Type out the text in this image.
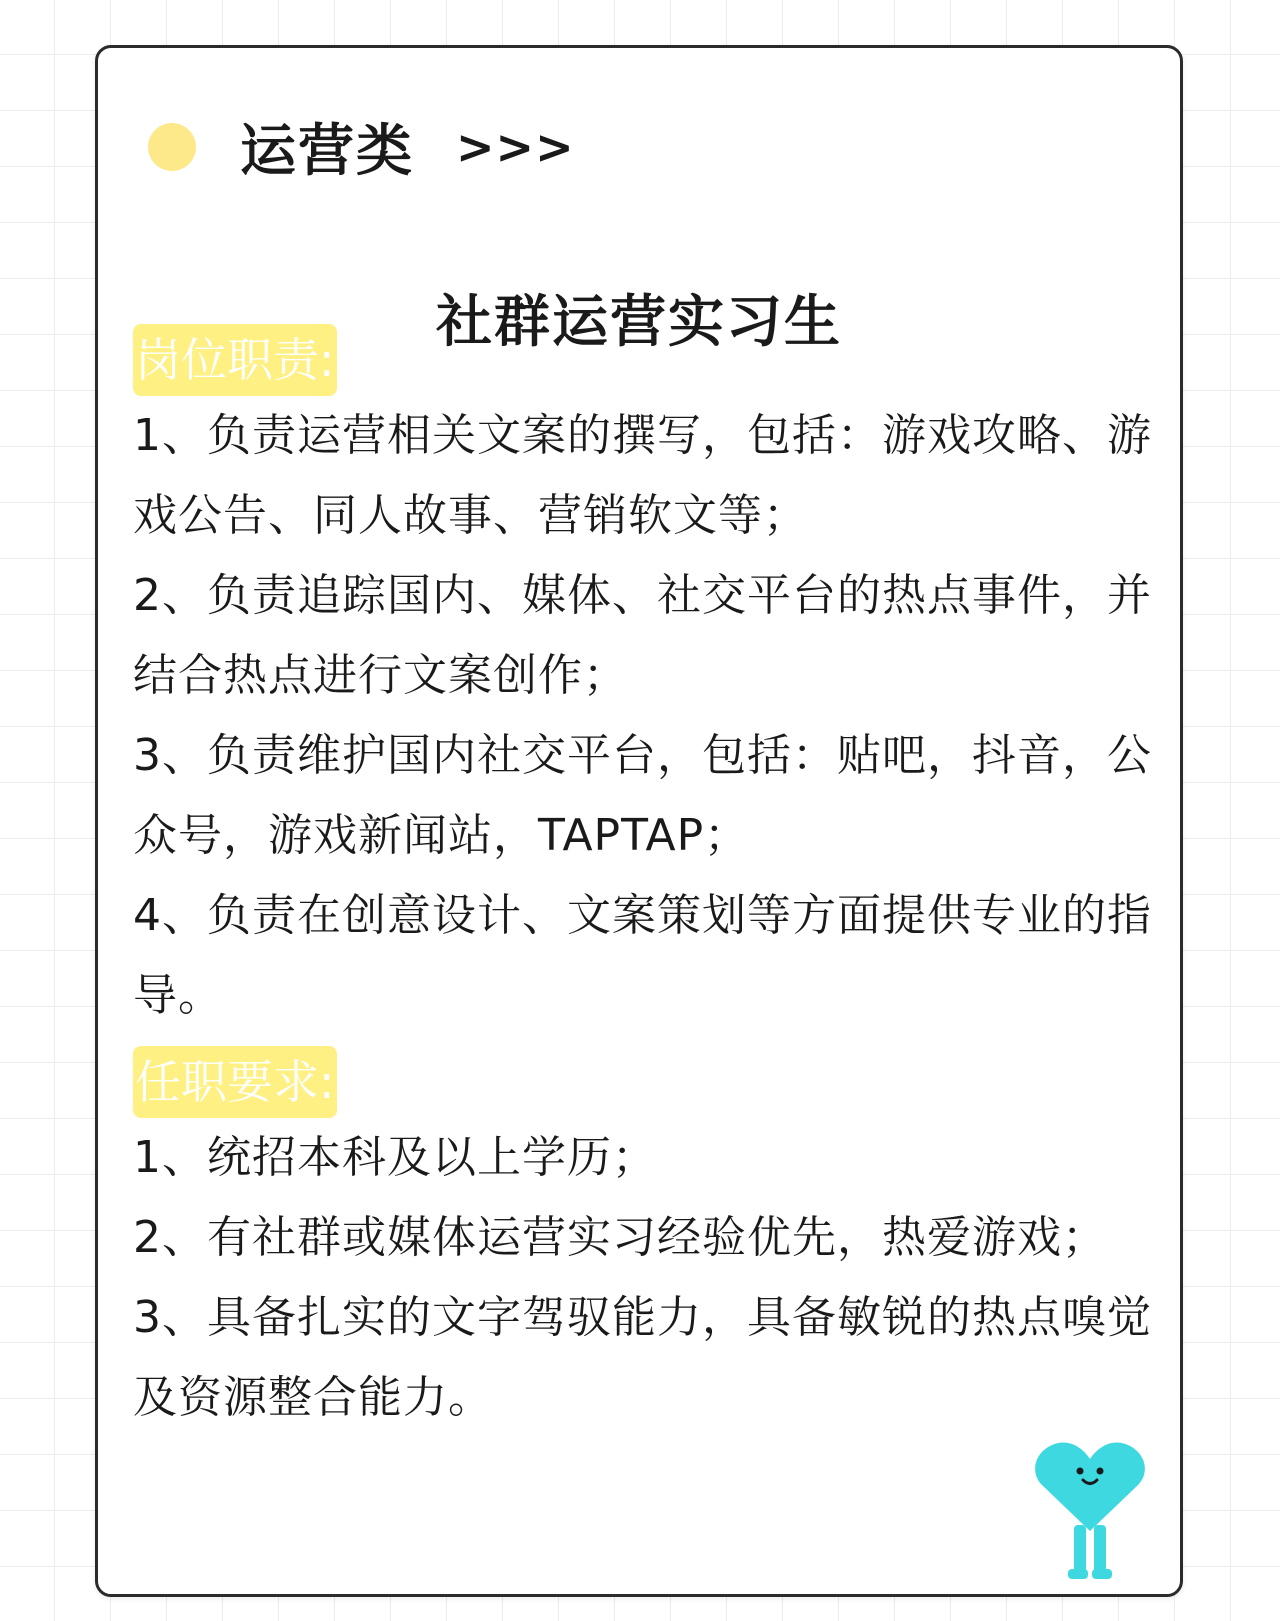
运营类 >>>
社群运营实习生
岗位职责:

1、负责运营相关文案的撰写，包括：游戏攻略、游戏公告、同人故事、营销软文等；

2、负责追踪国内、媒体、社交平台的热点事件，并结合热点进行文案创作；

3、负责维护国内社交平台，包括：贴吧，抖音，公众号，游戏新闻站，TAPTAP；

4、负责在创意设计、文案策划等方面提供专业的指导。

任职要求:

1、统招本科及以上学历；

2、有社群或媒体运营实习经验优先，热爱游戏；

3、具备扎实的文字驾驭能力，具备敏锐的热点嗅觉及资源整合能力。
